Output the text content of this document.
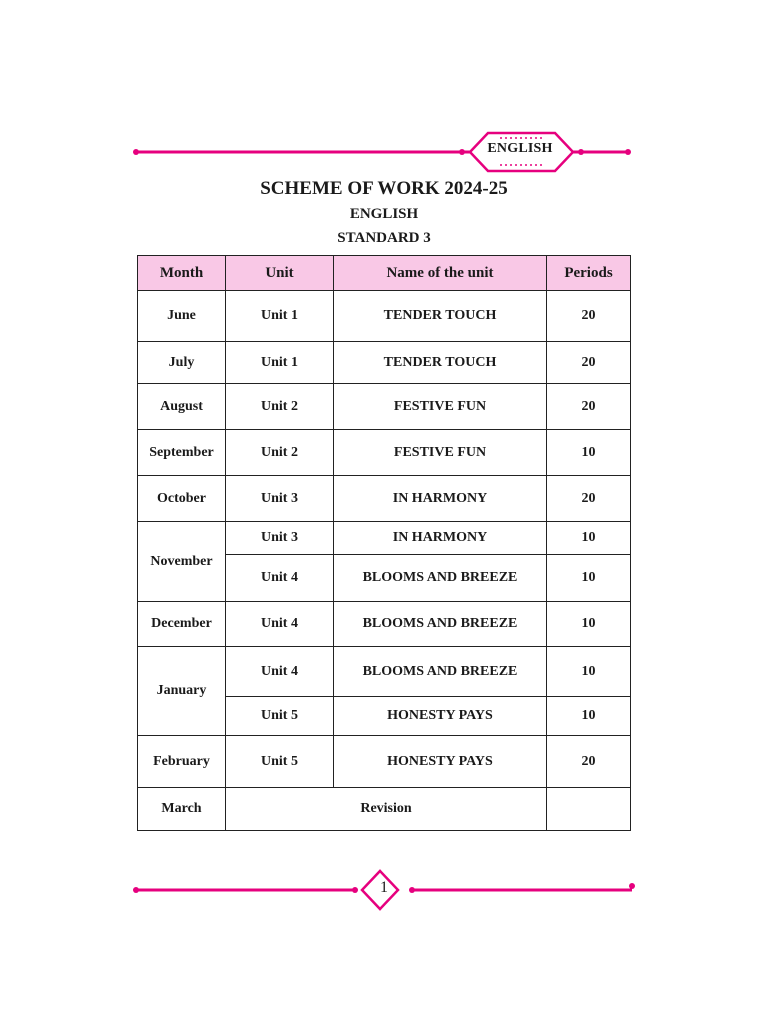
ENGLISH
SCHEME OF WORK 2024-25
ENGLISH
STANDARD 3
Month	Unit	Name of the unit	Periods
June	Unit 1	TENDER TOUCH	20
July	Unit 1	TENDER TOUCH	20
August	Unit 2	FESTIVE FUN	20
September	Unit 2	FESTIVE FUN	10
October	Unit 3	IN HARMONY	20
November	Unit 3	IN HARMONY	10
	Unit 4	BLOOMS AND BREEZE	10
December	Unit 4	BLOOMS AND BREEZE	10
January	Unit 4	BLOOMS AND BREEZE	10
	Unit 5	HONESTY PAYS	10
February	Unit 5	HONESTY PAYS	20
March	Revision		
1
